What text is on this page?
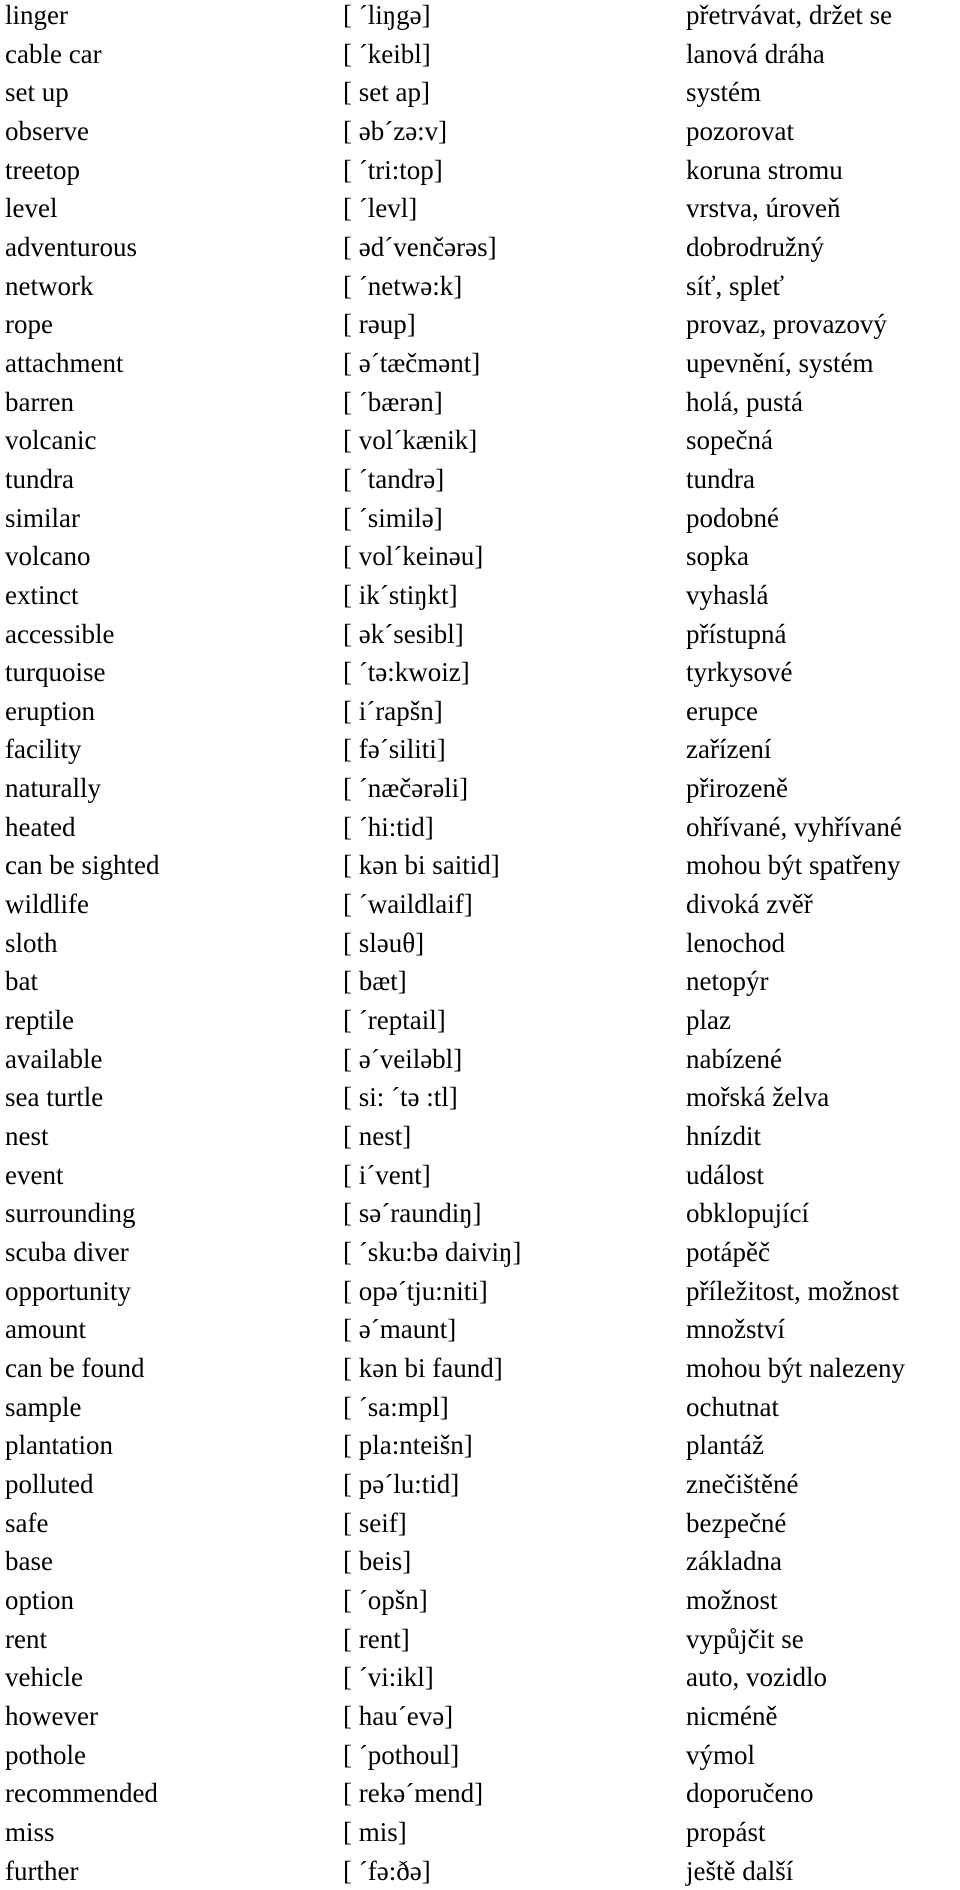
linger	[ ˊliŋgə]	přetrvávat, držet se
cable car	[ ˊkeibl]	lanová dráha
set up	[ set ap]	systém
observe	[ əbˊzə:v]	pozorovat
treetop	[ ˊtri:top]	koruna stromu
level	[ ˊlevl]	vrstva, úroveň
adventurous	[ ədˊvenčərəs]	dobrodružný
network	[ ˊnetwə:k]	síť, spleť
rope	[ rəup]	provaz, provazový
attachment	[ əˊtæčmənt]	upevnění, systém
barren	[ ˊbærən]	holá, pustá
volcanic	[ volˊkænik]	sopečná
tundra	[ ˊtandrə]	tundra
similar	[ ˊsimilə]	podobné
volcano	[ volˊkeinəu]	sopka
extinct	[ ikˊstiŋkt]	vyhaslá
accessible	[ əkˊsesibl]	přístupná
turquoise	[ ˊtə:kwoiz]	tyrkysové
eruption	[ iˊrapšn]	erupce
facility	[ fəˊsiliti]	zařízení
naturally	[ ˊnæčərəli]	přirozeně
heated	[ ˊhi:tid]	ohřívané, vyhřívané
can be sighted	[ kən bi saitid]	mohou být spatřeny
wildlife	[ ˊwaildlaif]	divoká zvěř
sloth	[ sləuθ]	lenochod
bat	[ bæt]	netopýr
reptile	[ ˊreptail]	plaz
available	[ əˊveiləbl]	nabízené
sea turtle	[ si: ˊtə :tl]	mořská želva
nest	[ nest]	hnízdit
event	[ iˊvent]	událost
surrounding	[ səˊraundiŋ]	obklopující
scuba diver	[ ˊsku:bə daiviŋ]	potápěč
opportunity	[ opəˊtju:niti]	příležitost, možnost
amount	[ əˊmaunt]	množství
can be found	[ kən bi faund]	mohou být nalezeny
sample	[ ˊsa:mpl]	ochutnat
plantation	[ pla:nteišn]	plantáž
polluted	[ pəˊlu:tid]	znečištěné
safe	[ seif]	bezpečné
base	[ beis]	základna
option	[ ˊopšn]	možnost
rent	[ rent]	vypůjčit se
vehicle	[ ˊvi:ikl]	auto, vozidlo
however	[ hauˊevə]	nicméně
pothole	[ ˊpothoul]	výmol
recommended	[ rekəˊmend]	doporučeno
miss	[ mis]	propást
further	[ ˊfə:ðə]	ještě další
